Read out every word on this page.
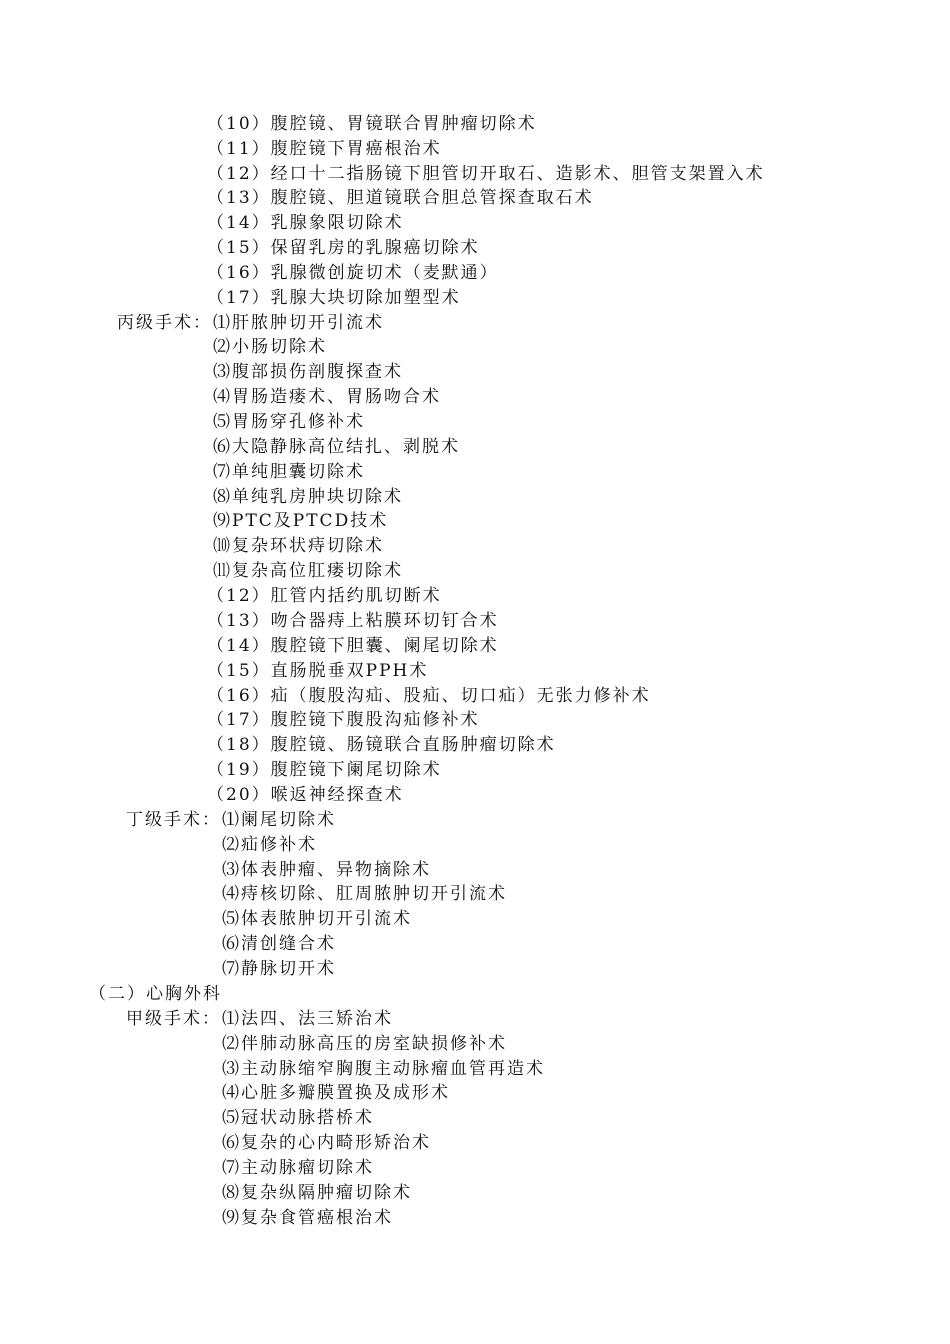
（10）腹腔镜、胃镜联合胃肿瘤切除术
（11）腹腔镜下胃癌根治术
（12）经口十二指肠镜下胆管切开取石、造影术、胆管支架置入术
（13）腹腔镜、胆道镜联合胆总管探查取石术
（14）乳腺象限切除术
（15）保留乳房的乳腺癌切除术
（16）乳腺微创旋切术（麦默通）
（17）乳腺大块切除加塑型术
丙级手术： ⑴肝脓肿切开引流术
⑵小肠切除术
⑶腹部损伤剖腹探查术
⑷胃肠造瘘术、胃肠吻合术
⑸胃肠穿孔修补术
⑹大隐静脉高位结扎、剥脱术
⑺单纯胆囊切除术
⑻单纯乳房肿块切除术
⑼PTC及PTCD技术
⑽复杂环状痔切除术
⑾复杂高位肛瘘切除术
（12）肛管内括约肌切断术
（13）吻合器痔上粘膜环切钉合术
（14）腹腔镜下胆囊、阑尾切除术
（15）直肠脱垂双PPH术
（16）疝（腹股沟疝、股疝、切口疝）无张力修补术
（17）腹腔镜下腹股沟疝修补术
（18）腹腔镜、肠镜联合直肠肿瘤切除术
（19）腹腔镜下阑尾切除术
（20）喉返神经探查术
丁级手术： ⑴阑尾切除术
⑵疝修补术
⑶体表肿瘤、异物摘除术
⑷痔核切除、肛周脓肿切开引流术
⑸体表脓肿切开引流术
⑹清创缝合术
⑺静脉切开术
（二）心胸外科
甲级手术： ⑴法四、法三矫治术
⑵伴肺动脉高压的房室缺损修补术
⑶主动脉缩窄胸腹主动脉瘤血管再造术
⑷心脏多瓣膜置换及成形术
⑸冠状动脉搭桥术
⑹复杂的心内畸形矫治术
⑺主动脉瘤切除术
⑻复杂纵隔肿瘤切除术
⑼复杂食管癌根治术
